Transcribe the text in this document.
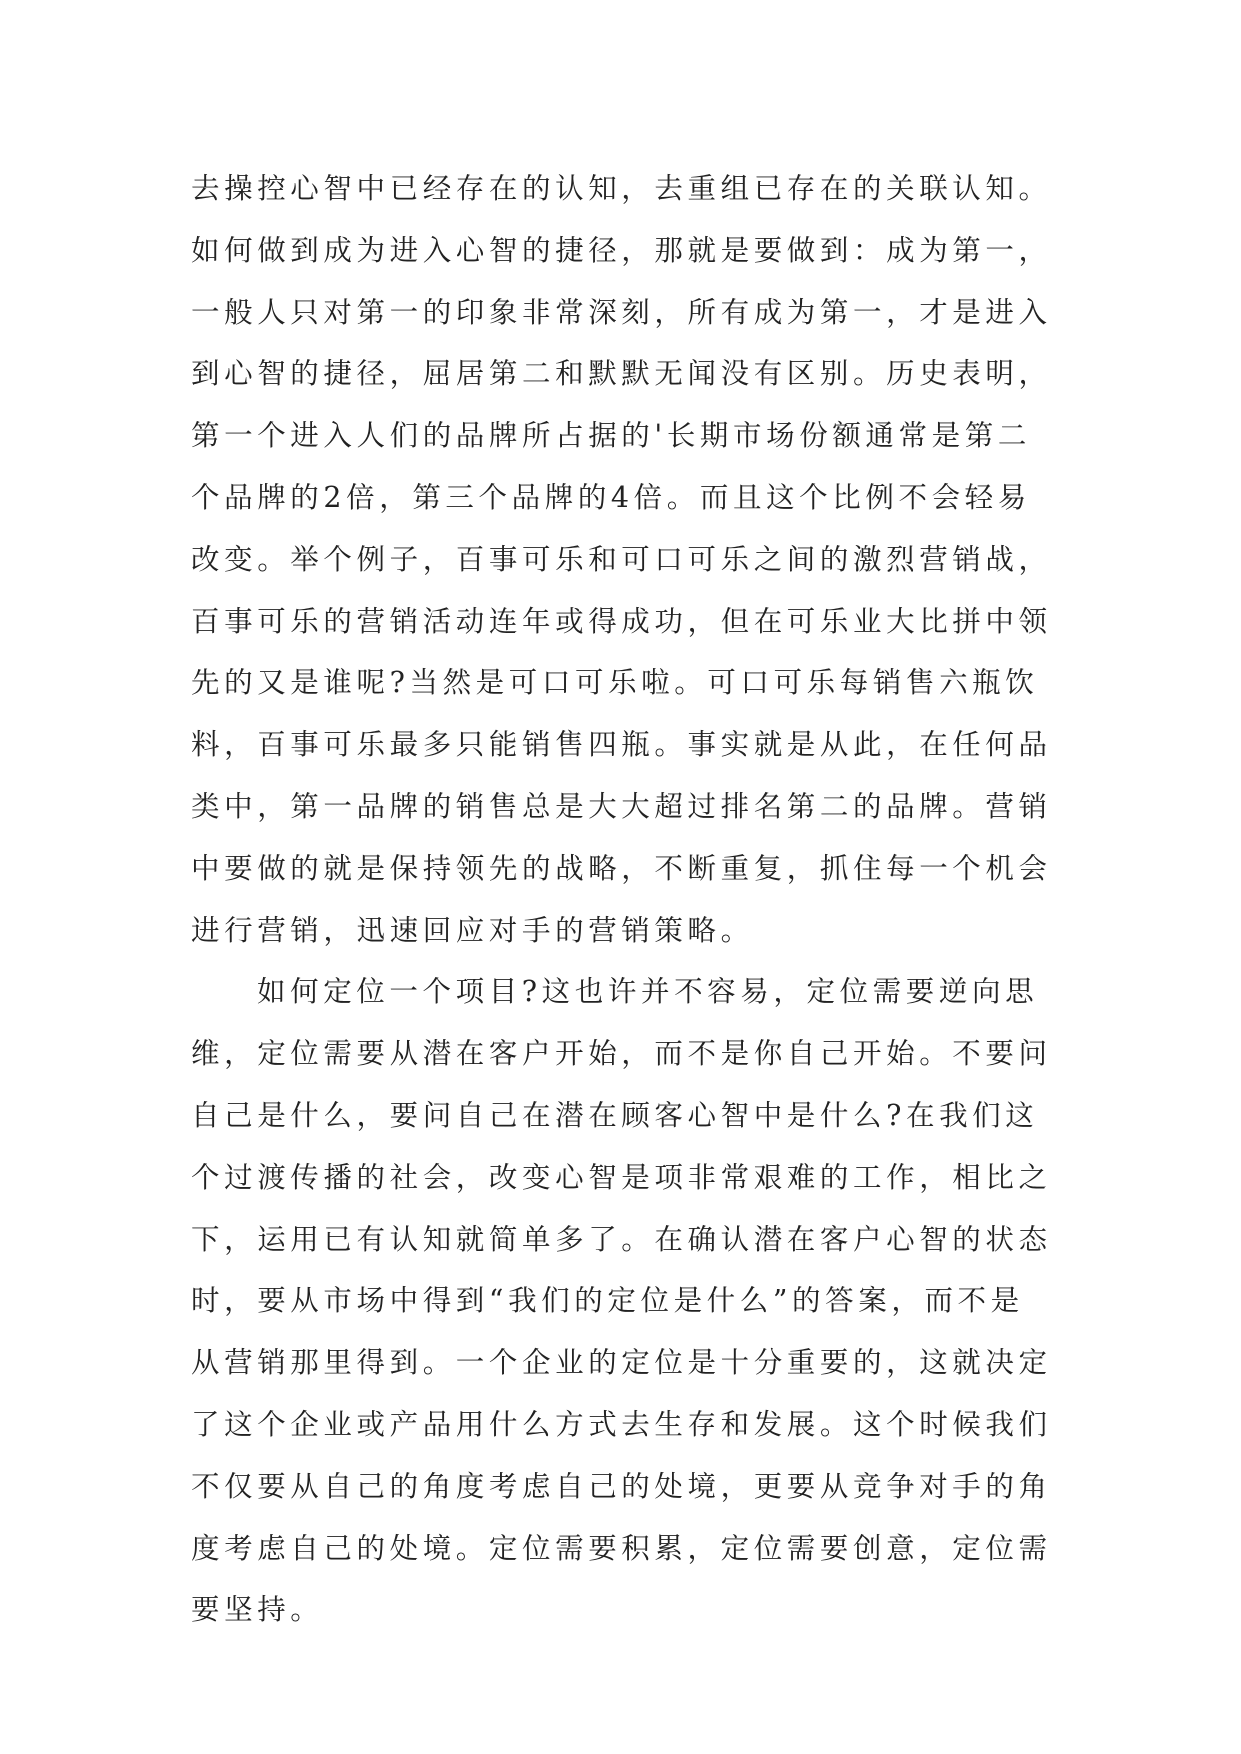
去操控心智中已经存在的认知，去重组已存在的关联认知。

如何做到成为进入心智的捷径，那就是要做到：成为第一，

一般人只对第一的印象非常深刻，所有成为第一，才是进入

到心智的捷径，屈居第二和默默无闻没有区别。历史表明，

第一个进入人们的品牌所占据的'长期市场份额通常是第二

个品牌的2倍，第三个品牌的4倍。而且这个比例不会轻易

改变。举个例子，百事可乐和可口可乐之间的激烈营销战，

百事可乐的营销活动连年或得成功，但在可乐业大比拼中领

先的又是谁呢?当然是可口可乐啦。可口可乐每销售六瓶饮

料，百事可乐最多只能销售四瓶。事实就是从此，在任何品

类中，第一品牌的销售总是大大超过排名第二的品牌。营销

中要做的就是保持领先的战略，不断重复，抓住每一个机会

进行营销，迅速回应对手的营销策略。

如何定位一个项目?这也许并不容易，定位需要逆向思

维，定位需要从潜在客户开始，而不是你自己开始。不要问

自己是什么，要问自己在潜在顾客心智中是什么?在我们这

个过渡传播的社会，改变心智是项非常艰难的工作，相比之

下，运用已有认知就简单多了。在确认潜在客户心智的状态

时，要从市场中得到“我们的定位是什么”的答案，而不是

从营销那里得到。一个企业的定位是十分重要的，这就决定

了这个企业或产品用什么方式去生存和发展。这个时候我们

不仅要从自己的角度考虑自己的处境，更要从竞争对手的角

度考虑自己的处境。定位需要积累，定位需要创意，定位需

要坚持。
